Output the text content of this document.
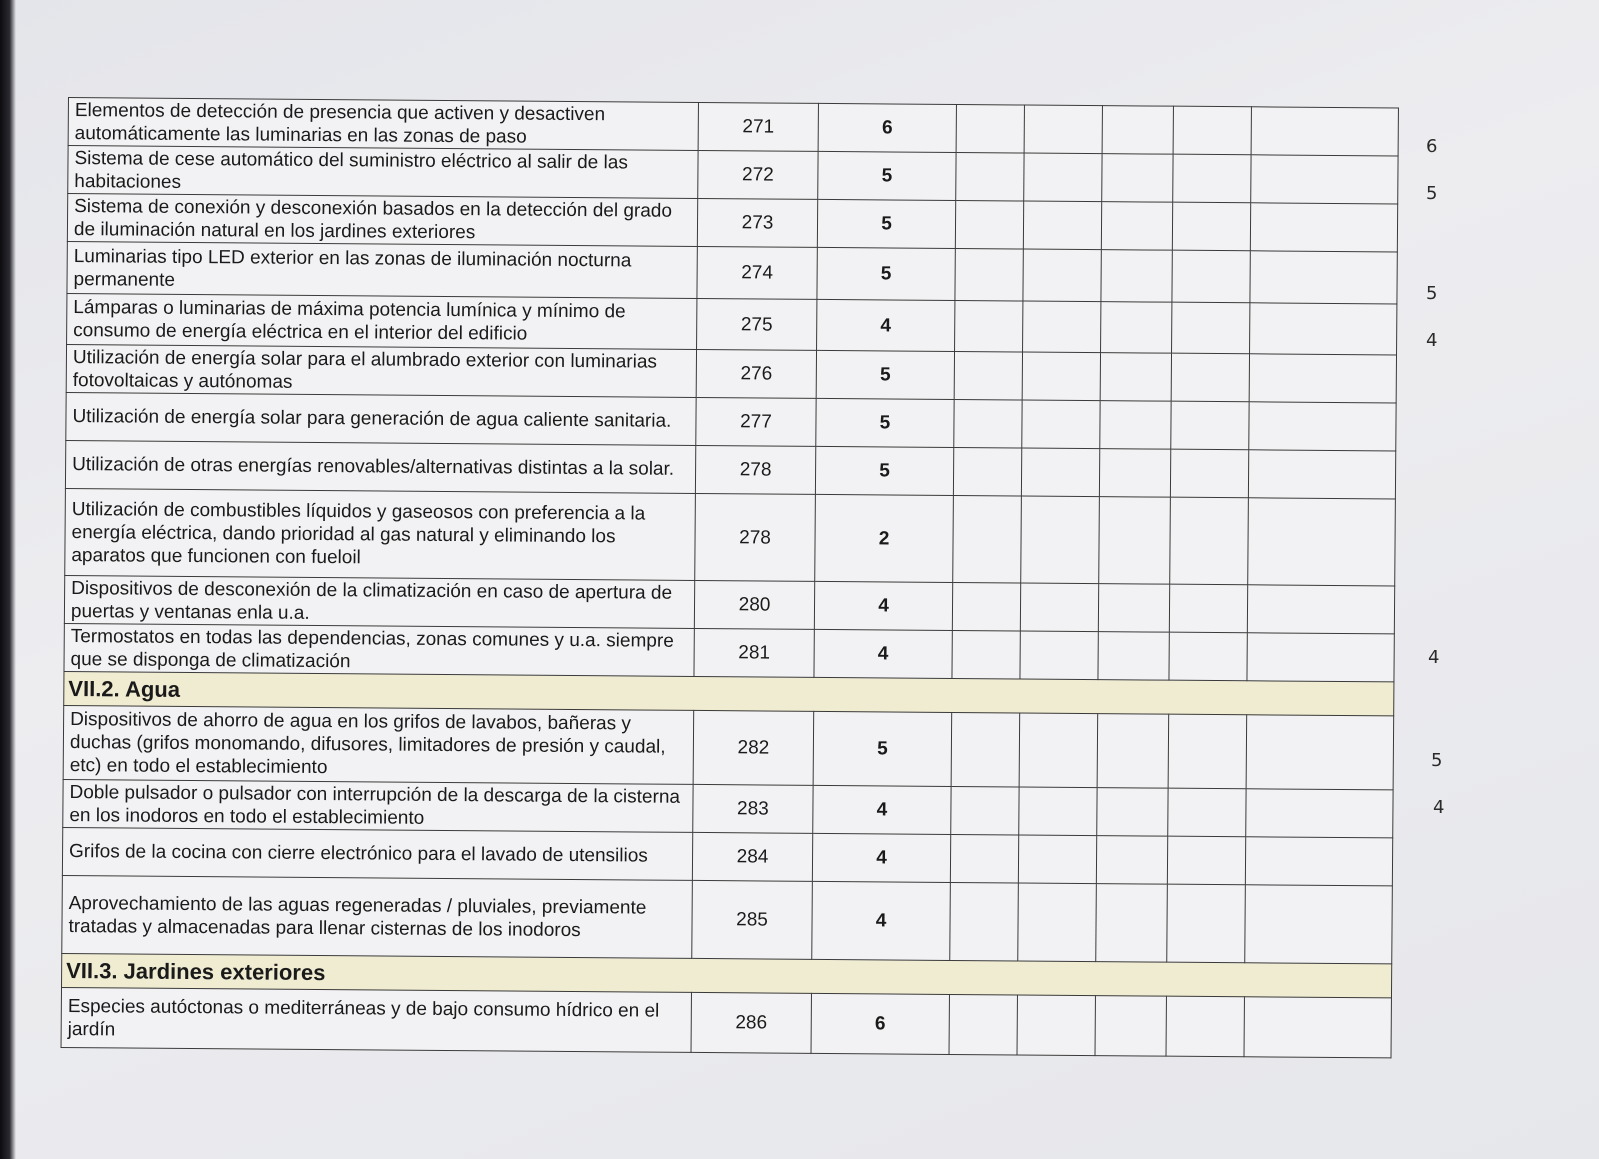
Elementos de detección de presencia que activen y desactiven automáticamente las luminarias en las zonas de paso	271	6					
Sistema de cese automático del suministro eléctrico al salir de las habitaciones	272	5					
Sistema de conexión y desconexión basados en la detección del grado de iluminación natural en los jardines exteriores	273	5					
Luminarias tipo LED exterior en las zonas de iluminación nocturna permanente	274	5					
Lámparas o luminarias de máxima potencia lumínica y mínimo de consumo de energía eléctrica en el interior del edificio	275	4					
Utilización de energía solar para el alumbrado exterior con luminarias fotovoltaicas y autónomas	276	5					
Utilización de energía solar para generación de agua caliente sanitaria.	277	5					
Utilización de otras energías renovables/alternativas distintas a la solar.	278	5					
Utilización de combustibles líquidos y gaseosos con preferencia a la energía eléctrica, dando prioridad al gas natural y eliminando los aparatos que funcionen con fueloil	278	2					
Dispositivos de desconexión de la climatización en caso de apertura de puertas y ventanas enla u.a.	280	4					
Termostatos en todas las dependencias, zonas comunes y u.a. siempre que se disponga de climatización	281	4					
VII.2. Agua							
Dispositivos de ahorro de agua en los grifos de lavabos, bañeras y duchas (grifos monomando, difusores, limitadores de presión y caudal, etc) en todo el establecimiento	282	5					
Doble pulsador o pulsador con interrupción de la descarga de la cisterna en los inodoros en todo el establecimiento	283	4					
Grifos de la cocina con cierre electrónico para el lavado de utensilios	284	4					
Aprovechamiento de las aguas regeneradas / pluviales, previamente tratadas y almacenadas para llenar cisternas de los inodoros	285	4					
VII.3. Jardines exteriores							
Especies autóctonas o mediterráneas y de bajo consumo hídrico en el jardín	286	6					
6
5
5
4
4
5
4
